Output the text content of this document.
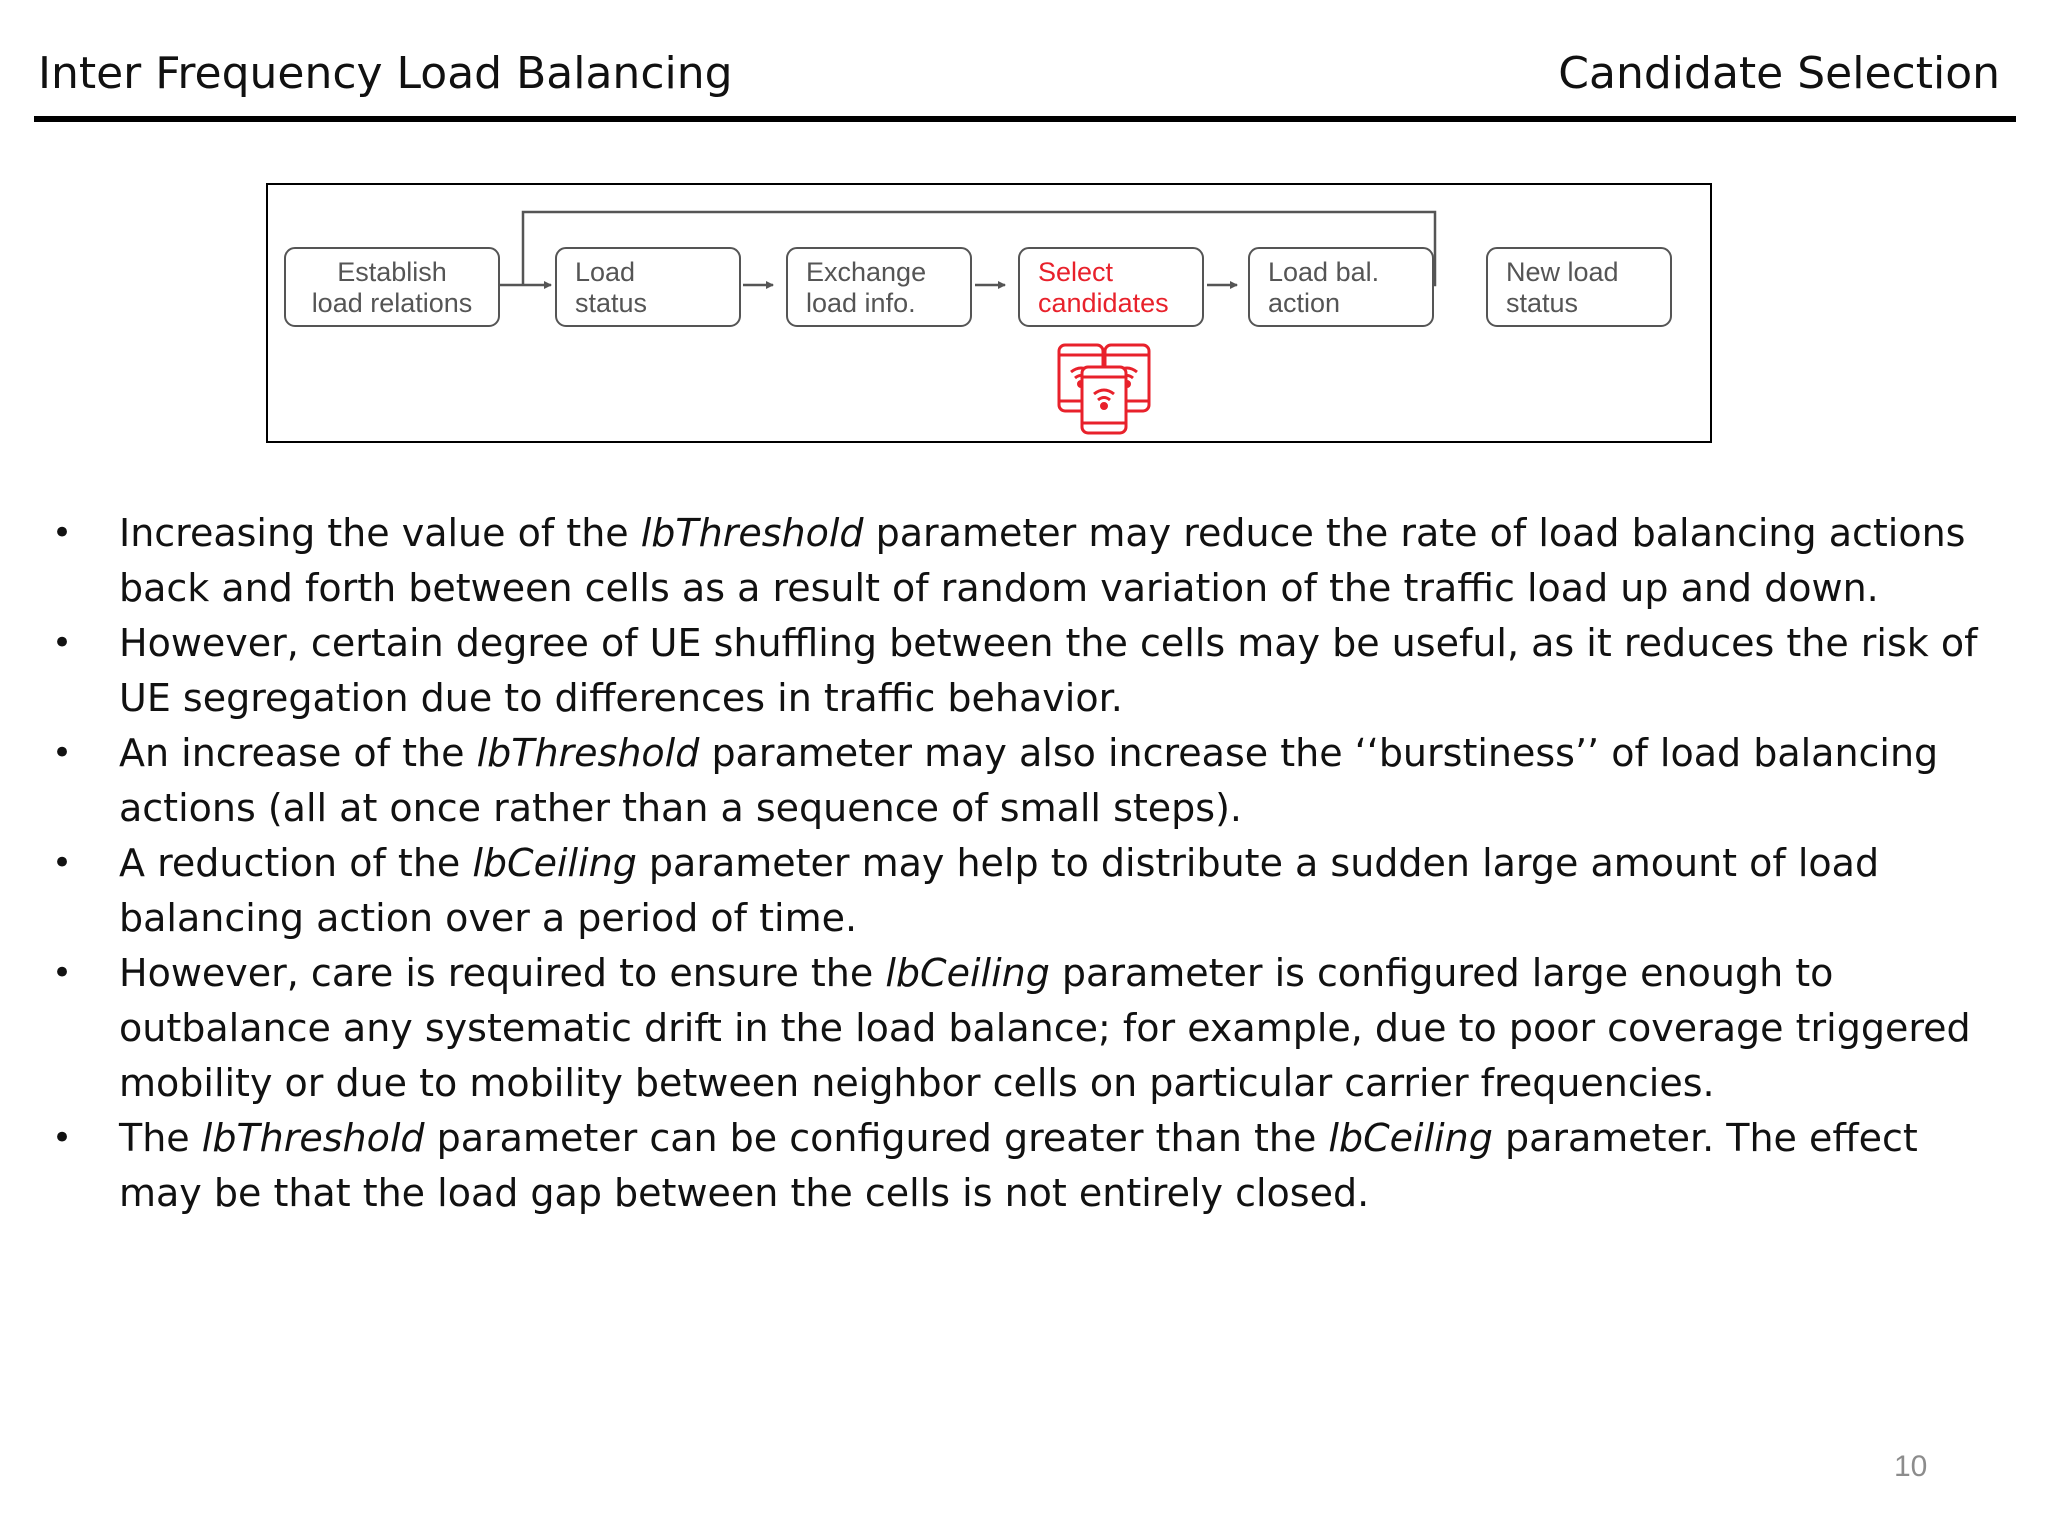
Inter Frequency Load Balancing	Candidate Selection
Establish
load relations
Load
status
Exchange
load info.
Select
candidates
Load bal.
action
New load
status
• Increasing the value of the lbThreshold parameter may reduce the rate of load balancing actions back and forth between cells as a result of random variation of the traffic load up and down.
• However, certain degree of UE shuffling between the cells may be useful, as it reduces the risk of UE segregation due to differences in traffic behavior.
• An increase of the lbThreshold parameter may also increase the ‘‘burstiness’’ of load balancing actions (all at once rather than a sequence of small steps).
• A reduction of the lbCeiling parameter may help to distribute a sudden large amount of load balancing action over a period of time.
• However, care is required to ensure the lbCeiling parameter is configured large enough to outbalance any systematic drift in the load balance; for example, due to poor coverage triggered mobility or due to mobility between neighbor cells on particular carrier frequencies.
• The lbThreshold parameter can be configured greater than the lbCeiling parameter. The effect may be that the load gap between the cells is not entirely closed.
10
